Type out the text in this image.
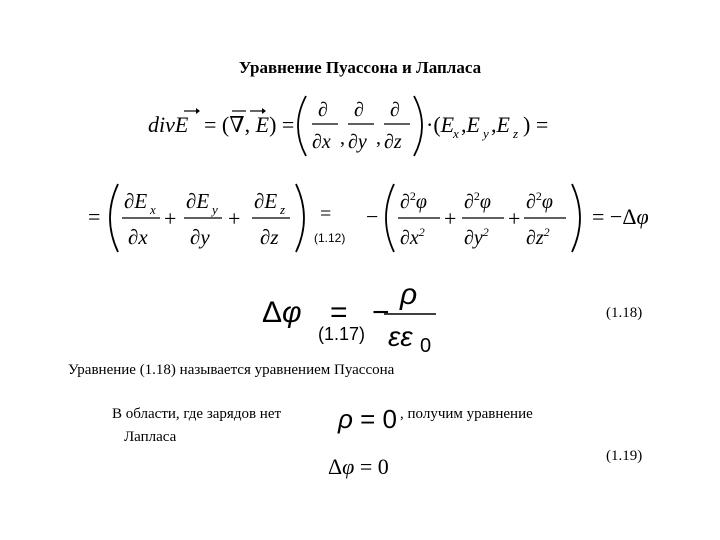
Уравнение Пуассона и Лапласа
divE = (∇, E) =
∂
∂x ,
∂
∂y ,
∂
∂z
·(E
x ,E y ,E z ) =
=
∂E x
∂x
+
∂E y
∂y
+
∂E z
∂z
=
(1.12)
−
∂$^2$φ
$\partial x^2$
+
∂$^2$φ
$\partial y^2$
+
∂$^2$φ
$\partial z^2$
= −Δφ
Δφ =
(1.17)
−
ρ
εε 0
(1.18)
Уравнение (1.18) называется уравнением Пуассона
В области, где зарядов нет
Лапласа
ρ = 0 , получим уравнение
Δφ = 0	(1.19)
